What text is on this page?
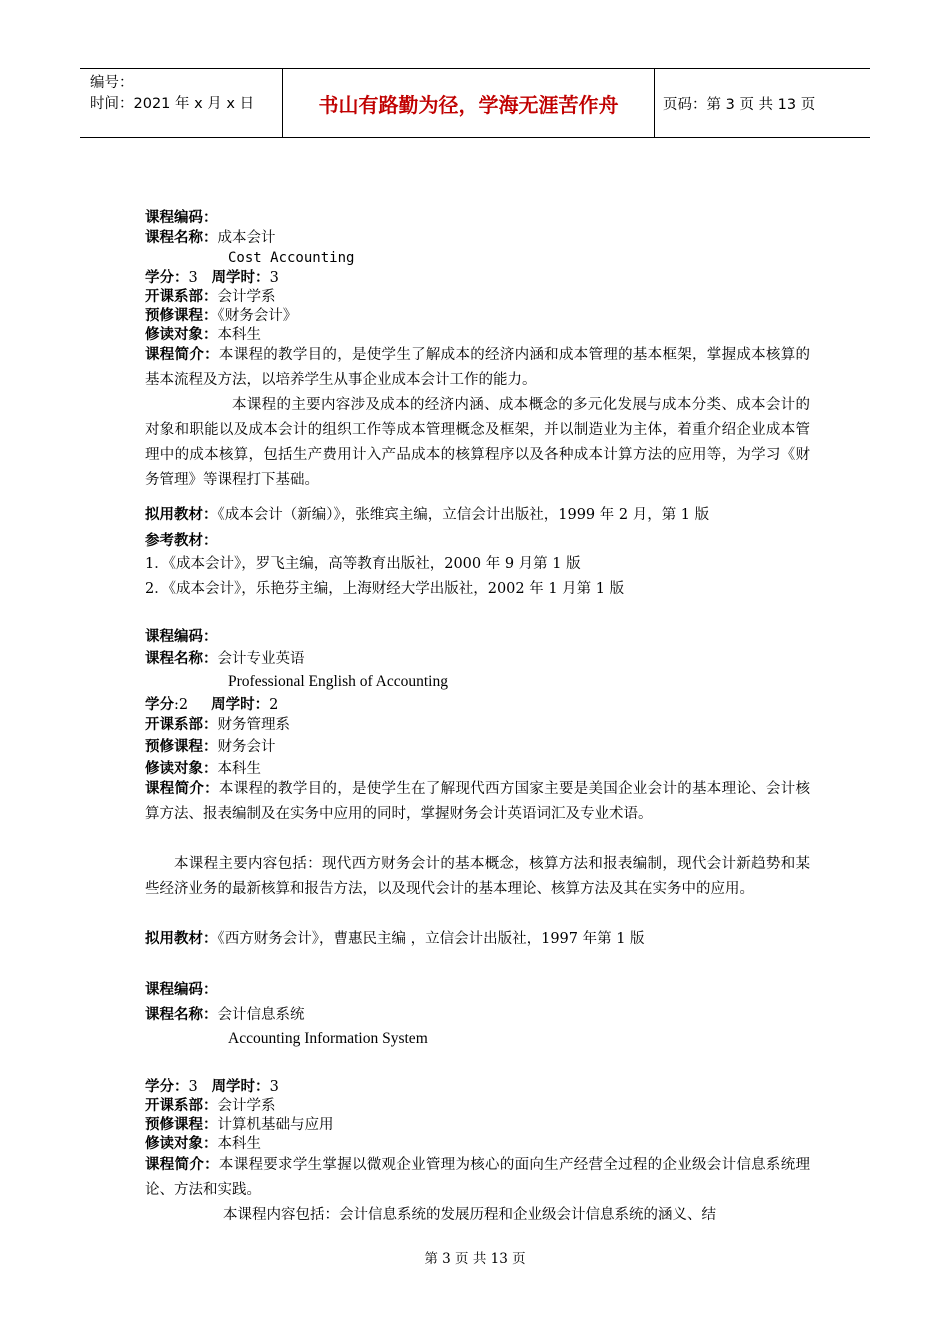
编号：
时间：2021 年 x 月 x 日	书山有路勤为径，学海无涯苦作舟	页码：第 3 页 共 13 页
课程编码：
课程名称：成本会计
Cost Accounting
学分：3 周学时：3
开课系部：会计学系
预修课程：《财务会计》
修读对象：本科生
课程简介：本课程的教学目的，是使学生了解成本的经济内涵和成本管理的基本框架，掌握成本核算的基本流程及方法，以培养学生从事企业成本会计工作的能力。
本课程的主要内容涉及成本的经济内涵、成本概念的多元化发展与成本分类、成本会计的对象和职能以及成本会计的组织工作等成本管理概念及框架，并以制造业为主体，着重介绍企业成本管理中的成本核算，包括生产费用计入产品成本的核算程序以及各种成本计算方法的应用等，为学习《财务管理》等课程打下基础。
拟用教材：《成本会计（新编）》，张维宾主编，立信会计出版社，1999 年 2 月，第 1 版
参考教材：
1．《成本会计》，罗飞主编，高等教育出版社，2000 年 9 月第 1 版
2．《成本会计》，乐艳芬主编，上海财经大学出版社，2002 年 1 月第 1 版
课程编码：
课程名称：会计专业英语
Professional English of Accounting
学分:2 周学时：2
开课系部：财务管理系
预修课程：财务会计
修读对象：本科生
课程简介：本课程的教学目的，是使学生在了解现代西方国家主要是美国企业会计的基本理论、会计核算方法、报表编制及在实务中应用的同时，掌握财务会计英语词汇及专业术语。
本课程主要内容包括：现代西方财务会计的基本概念，核算方法和报表编制，现代会计新趋势和某些经济业务的最新核算和报告方法，以及现代会计的基本理论、核算方法及其在实务中的应用。
拟用教材：《西方财务会计》，曹惠民主编 ，立信会计出版社，1997 年第 1 版
课程编码：
课程名称：会计信息系统
Accounting Information System
学分：3 周学时：3
开课系部：会计学系
预修课程：计算机基础与应用
修读对象：本科生
课程简介：本课程要求学生掌握以微观企业管理为核心的面向生产经营全过程的企业级会计信息系统理论、方法和实践。
本课程内容包括：会计信息系统的发展历程和企业级会计信息系统的涵义、结
第 3 页 共 13 页
